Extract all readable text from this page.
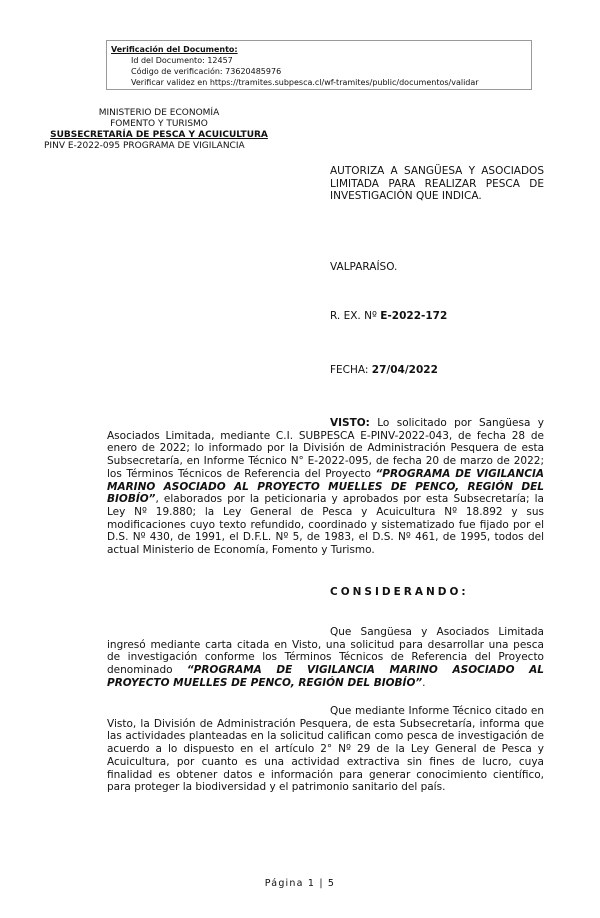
Verificación del Documento:
• Id del Documento: 12457
• Código de verificación: 73620485976
• Verificar validez en https://tramites.subpesca.cl/wf-tramites/public/documentos/validar
MINISTERIO DE ECONOMÍA
FOMENTO Y TURISMO
SUBSECRETARÍA DE PESCA Y ACUICULTURA
PINV E-2022-095 PROGRAMA DE VIGILANCIA
AUTORIZA A SANGÜESA Y ASOCIADOS LIMITADA PARA REALIZAR PESCA DE INVESTIGACIÓN QUE INDICA.
VALPARAÍSO.
R. EX. Nº E-2022-172
FECHA: 27/04/2022
VISTO: Lo solicitado por Sangüesa y Asociados Limitada, mediante C.I. SUBPESCA E-PINV-2022-043, de fecha 28 de enero de 2022; lo informado por la División de Administración Pesquera de esta Subsecretaría, en Informe Técnico N° E-2022-095, de fecha 20 de marzo de 2022; los Términos Técnicos de Referencia del Proyecto “PROGRAMA DE VIGILANCIA MARINO ASOCIADO AL PROYECTO MUELLES DE PENCO, REGIÓN DEL BIOBÍO”, elaborados por la peticionaria y aprobados por esta Subsecretaría; la Ley Nº 19.880; la Ley General de Pesca y Acuicultura Nº 18.892 y sus modificaciones cuyo texto refundido, coordinado y sistematizado fue fijado por el D.S. Nº 430, de 1991, el D.F.L. Nº 5, de 1983, el D.S. Nº 461, de 1995, todos del actual Ministerio de Economía, Fomento y Turismo.
CONSIDERANDO:
Que Sangüesa y Asociados Limitada ingresó mediante carta citada en Visto, una solicitud para desarrollar una pesca de investigación conforme los Términos Técnicos de Referencia del Proyecto denominado “PROGRAMA DE VIGILANCIA MARINO ASOCIADO AL PROYECTO MUELLES DE PENCO, REGIÓN DEL BIOBÍO”.
Que mediante Informe Técnico citado en Visto, la División de Administración Pesquera, de esta Subsecretaría, informa que las actividades planteadas en la solicitud califican como pesca de investigación de acuerdo a lo dispuesto en el artículo 2° Nº 29 de la Ley General de Pesca y Acuicultura, por cuanto es una actividad extractiva sin fines de lucro, cuya finalidad es obtener datos e información para generar conocimiento científico, para proteger la biodiversidad y el patrimonio sanitario del país.
Página 1 | 5
